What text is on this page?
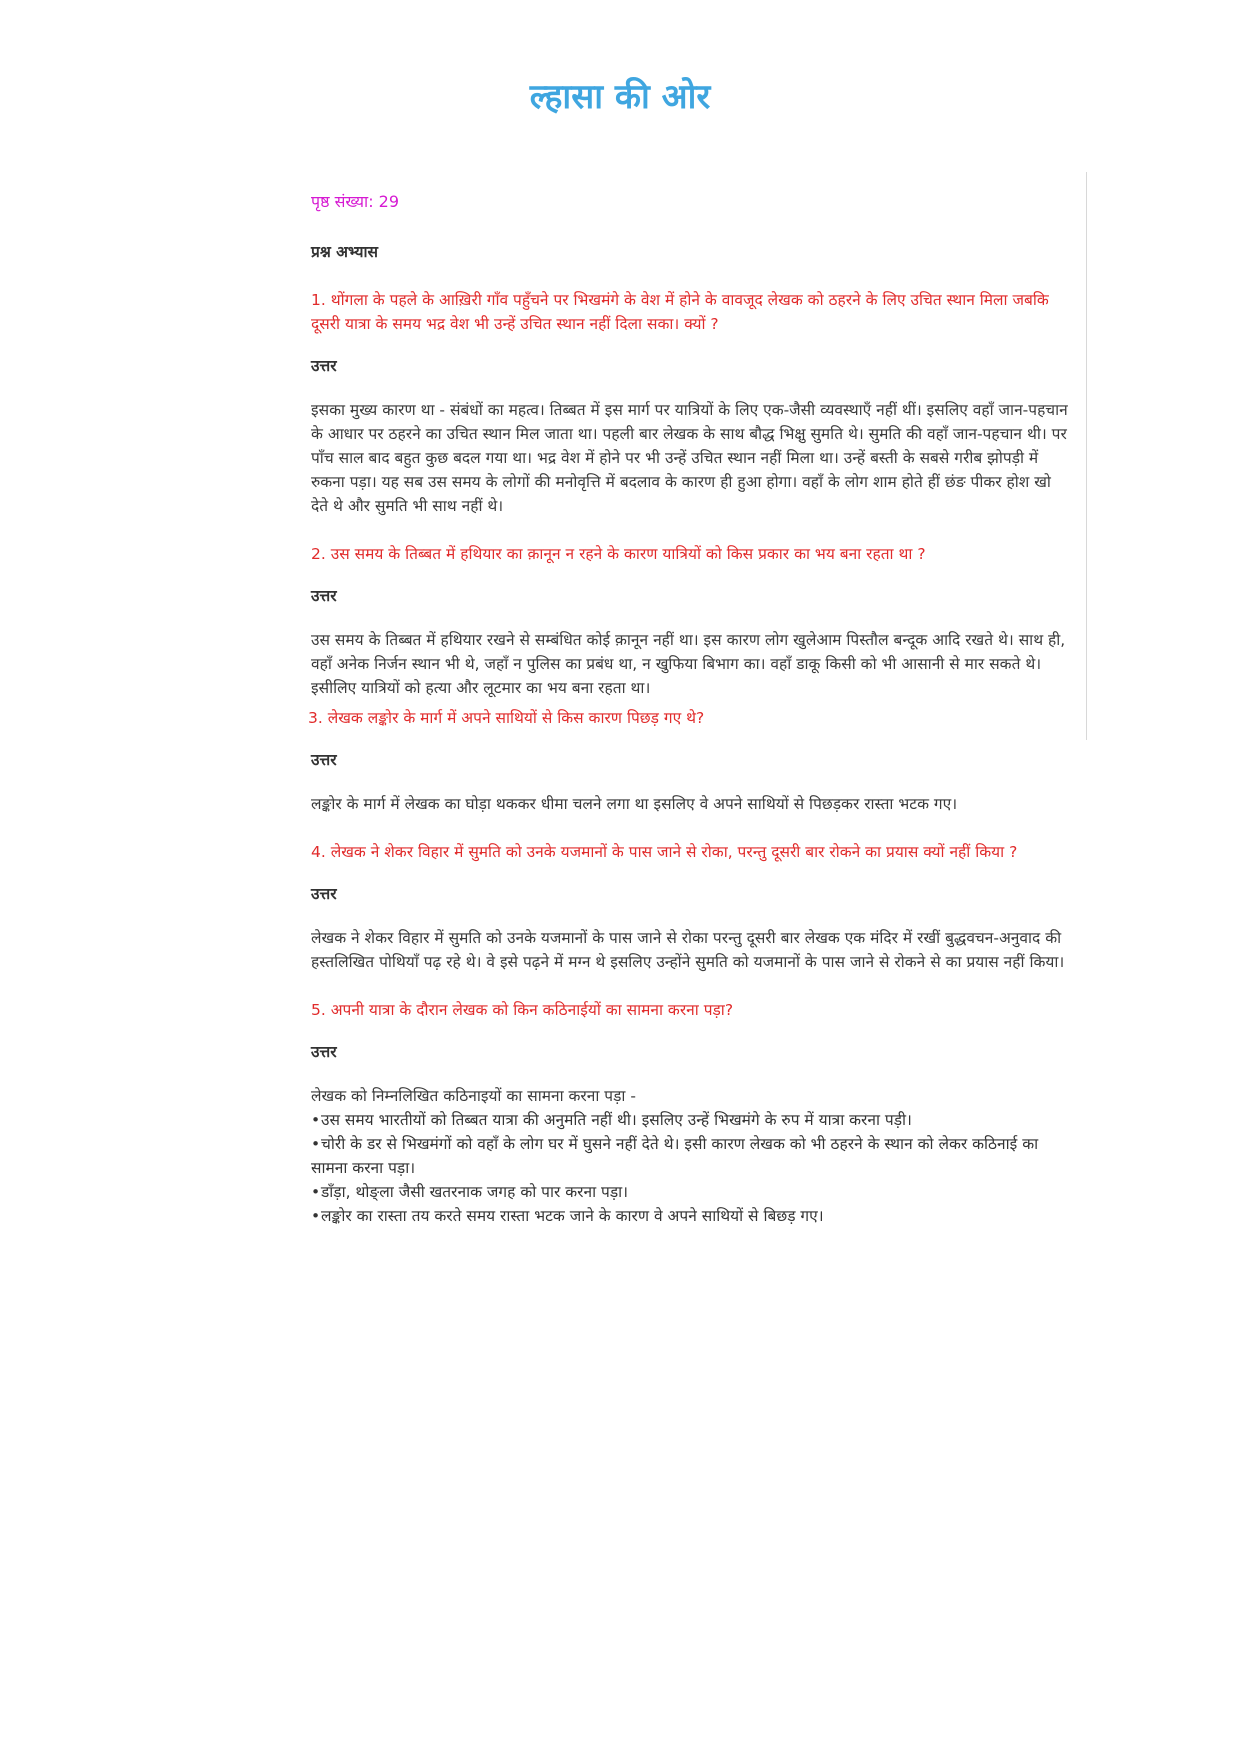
ल्हासा की ओर
पृष्ठ संख्या: 29
प्रश्न अभ्यास
1. थोंगला के पहले के आख़िरी गाँव पहुँचने पर भिखमंगे के वेश में होने के वावजूद लेखक को ठहरने के लिए उचित स्थान मिला जबकि दूसरी यात्रा के समय भद्र वेश भी उन्हें उचित स्थान नहीं दिला सका। क्यों ?
उत्तर
इसका मुख्य कारण था - संबंधों का महत्व। तिब्बत में इस मार्ग पर यात्रियों के लिए एक-जैसी व्यवस्थाएँ नहीं थीं। इसलिए वहाँ जान-पहचान के आधार पर ठहरने का उचित स्थान मिल जाता था। पहली बार लेखक के साथ बौद्ध भिक्षु सुमति थे। सुमति की वहाँ जान-पहचान थी। पर पाँच साल बाद बहुत कुछ बदल गया था। भद्र वेश में होने पर भी उन्हें उचित स्थान नहीं मिला था। उन्हें बस्ती के सबसे गरीब झोपड़ी में रुकना पड़ा। यह सब उस समय के लोगों की मनोवृत्ति में बदलाव के कारण ही हुआ होगा। वहाँ के लोग शाम होते हीं छंङ पीकर होश खो देते थे और सुमति भी साथ नहीं थे।
2. उस समय के तिब्बत में हथियार का क़ानून न रहने के कारण यात्रियों को किस प्रकार का भय बना रहता था ?
उत्तर
उस समय के तिब्बत में हथियार रखने से सम्बंधित कोई क़ानून नहीं था। इस कारण लोग खुलेआम पिस्तौल बन्दूक आदि रखते थे। साथ ही, वहाँ अनेक निर्जन स्थान भी थे, जहाँ न पुलिस का प्रबंध था, न खुफिया बिभाग का। वहाँ डाकू किसी को भी आसानी से मार सकते थे। इसीलिए यात्रियों को हत्या और लूटमार का भय बना रहता था।
3. लेखक लङ्कोर के मार्ग में अपने साथियों से किस कारण पिछड़ गए थे?
उत्तर
लङ्कोर के मार्ग में लेखक का घोड़ा थककर धीमा चलने लगा था इसलिए वे अपने साथियों से पिछड़कर रास्ता भटक गए।
4. लेखक ने शेकर विहार में सुमति को उनके यजमानों के पास जाने से रोका, परन्तु दूसरी बार रोकने का प्रयास क्यों नहीं किया ?
उत्तर
लेखक ने शेकर विहार में सुमति को उनके यजमानों के पास जाने से रोका परन्तु दूसरी बार लेखक एक मंदिर में रखीं बुद्धवचन-अनुवाद की हस्तलिखित पोथियाँ पढ़ रहे थे। वे इसे पढ़ने में मग्न थे इसलिए उन्होंने सुमति को यजमानों के पास जाने से रोकने से का प्रयास नहीं किया।
5. अपनी यात्रा के दौरान लेखक को किन कठिनाईयों का सामना करना पड़ा?
उत्तर
लेखक को निम्नलिखित कठिनाइयों का सामना करना पड़ा -
•उस समय भारतीयों को तिब्बत यात्रा की अनुमति नहीं थी। इसलिए उन्हें भिखमंगे के रुप में यात्रा करना पड़ी।
•चोरी के डर से भिखमंगों को वहाँ के लोग घर में घुसने नहीं देते थे। इसी कारण लेखक को भी ठहरने के स्थान को लेकर कठिनाई का सामना करना पड़ा।
•डाँड़ा, थोङ्ला जैसी खतरनाक जगह को पार करना पड़ा।
•लङ्कोर का रास्ता तय करते समय रास्ता भटक जाने के कारण वे अपने साथियों से बिछड़ गए।
